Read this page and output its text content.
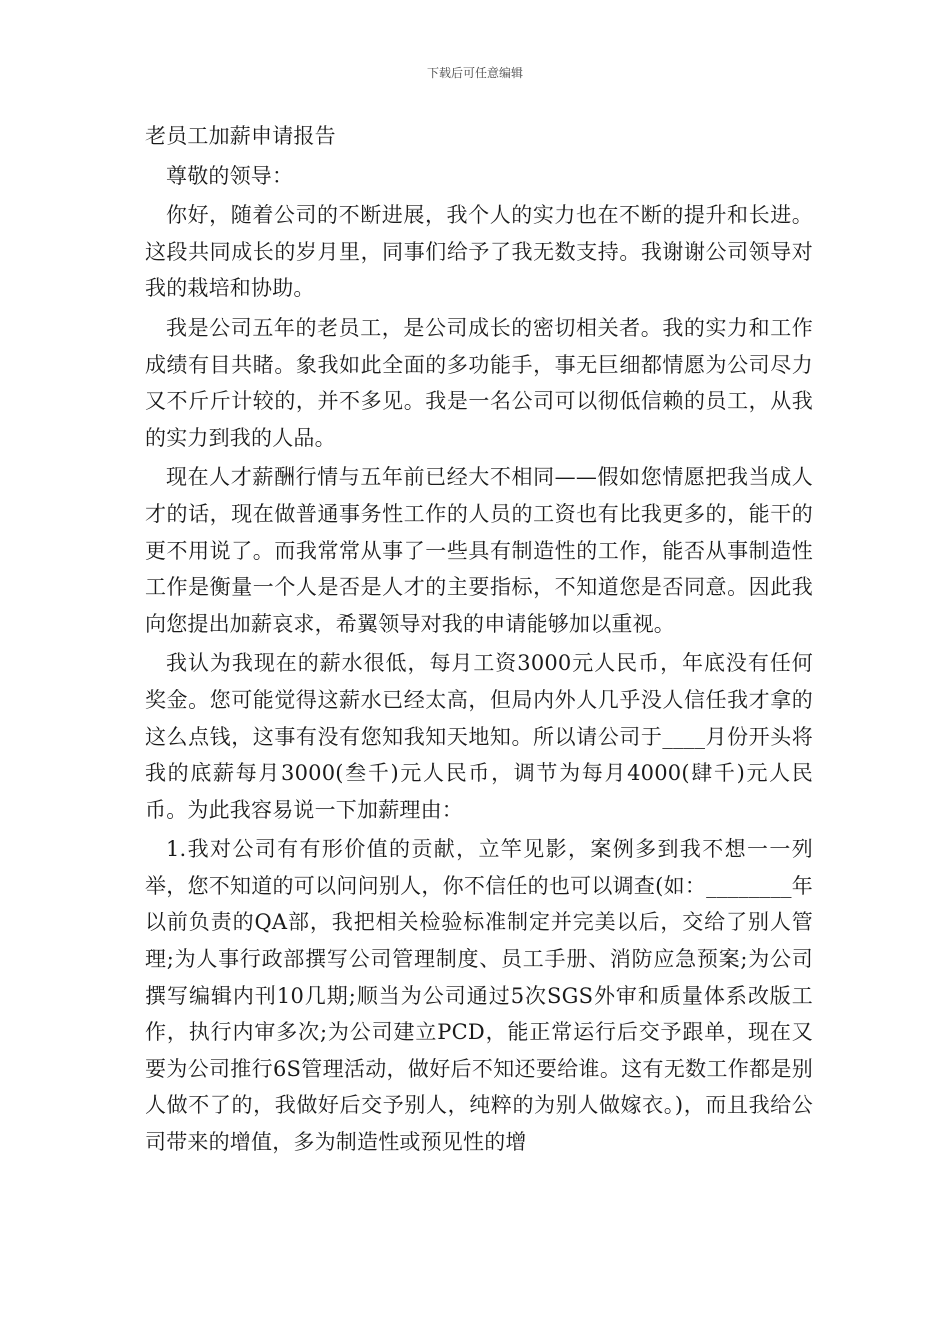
下载后可任意编辑
老员工加薪申请报告

尊敬的领导：

你好，随着公司的不断进展，我个人的实力也在不断的提升和长进。这段共同成长的岁月里，同事们给予了我无数支持。我谢谢公司领导对我的栽培和协助。

我是公司五年的老员工，是公司成长的密切相关者。我的实力和工作成绩有目共睹。象我如此全面的多功能手，事无巨细都情愿为公司尽力又不斤斤计较的，并不多见。我是一名公司可以彻低信赖的员工，从我的实力到我的人品。

现在人才薪酬行情与五年前已经大不相同——假如您情愿把我当成人才的话，现在做普通事务性工作的人员的工资也有比我更多的，能干的更不用说了。而我常常从事了一些具有制造性的工作，能否从事制造性工作是衡量一个人是否是人才的主要指标，不知道您是否同意。因此我向您提出加薪哀求，希翼领导对我的申请能够加以重视。

我认为我现在的薪水很低，每月工资3000元人民币，年底没有任何奖金。您可能觉得这薪水已经太高，但局内外人几乎没人信任我才拿的这么点钱，这事有没有您知我知天地知。所以请公司于____月份开头将我的底薪每月3000(叁千)元人民币，调节为每月4000(肆千)元人民币。为此我容易说一下加薪理由：

1.我对公司有有形价值的贡献，立竿见影，案例多到我不想一一列举，您不知道的可以问问别人，你不信任的也可以调查(如：________年以前负责的QA部，我把相关检验标准制定并完美以后，交给了别人管理;为人事行政部撰写公司管理制度、员工手册、消防应急预案;为公司撰写编辑内刊10几期;顺当为公司通过5次SGS外审和质量体系改版工作，执行内审多次;为公司建立PCD，能正常运行后交予跟单，现在又要为公司推行6S管理活动，做好后不知还要给谁。这有无数工作都是别人做不了的，我做好后交予别人，纯粹的为别人做嫁衣。)，而且我给公司带来的增值，多为制造性或预见性的增
